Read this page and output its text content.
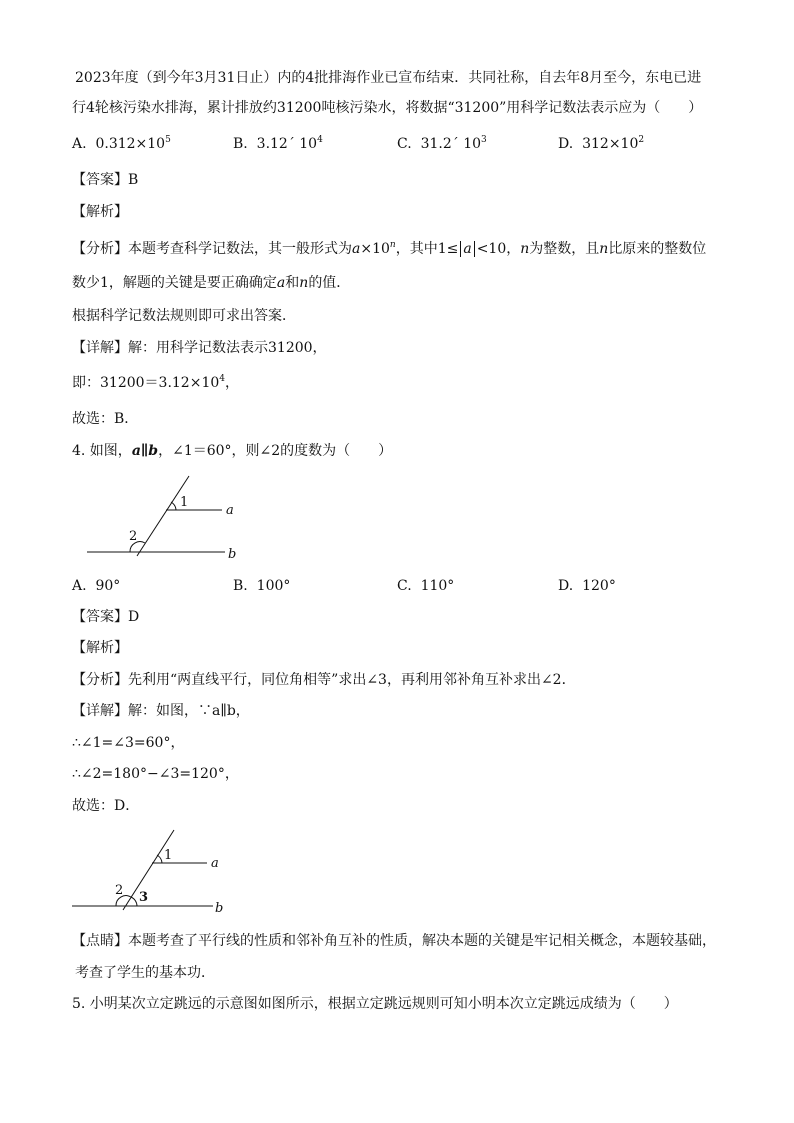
2023年度（到今年3月31日止）内的4批排海作业已宣布结束．共同社称，自去年8月至今，东电已进
行4轮核污染水排海，累计排放约31200吨核污染水，将数据“31200”用科学记数法表示应为（　　）
A. $0.312\times 10^5$	B. 3.12´ $10^4$	C. 31.2´ $10^3$	D. $312\times 10^2$
【答案】B
【解析】
【分析】本题考查科学记数法，其一般形式为$a\times 10^n$，其中1≤ a <10，n为整数，且n比原来的整数位
数少1，解题的关键是要正确确定a和n的值．
根据科学记数法规则即可求出答案．
【详解】解：用科学记数法表示31200，
即：$31200=3.12\times 10^4$，
故选：B．
4. 如图，a∥b，∠1＝60°，则∠2的度数为（　　）
1
2
a
b
A. 90°	B. 100°	C. 110°	D. 120°
【答案】D
【解析】
【分析】先利用“两直线平行，同位角相等”求出∠3，再利用邻补角互补求出∠2．
【详解】解：如图，∵a∥b，
∴∠1=∠3=60°，
∴∠2=180°−∠3=120°，
故选：D．
1
2 3
a
b
【点睛】本题考查了平行线的性质和邻补角互补的性质，解决本题的关键是牢记相关概念，本题较基础，
考查了学生的基本功．
5. 小明某次立定跳远的示意图如图所示，根据立定跳远规则可知小明本次立定跳远成绩为（　　）
